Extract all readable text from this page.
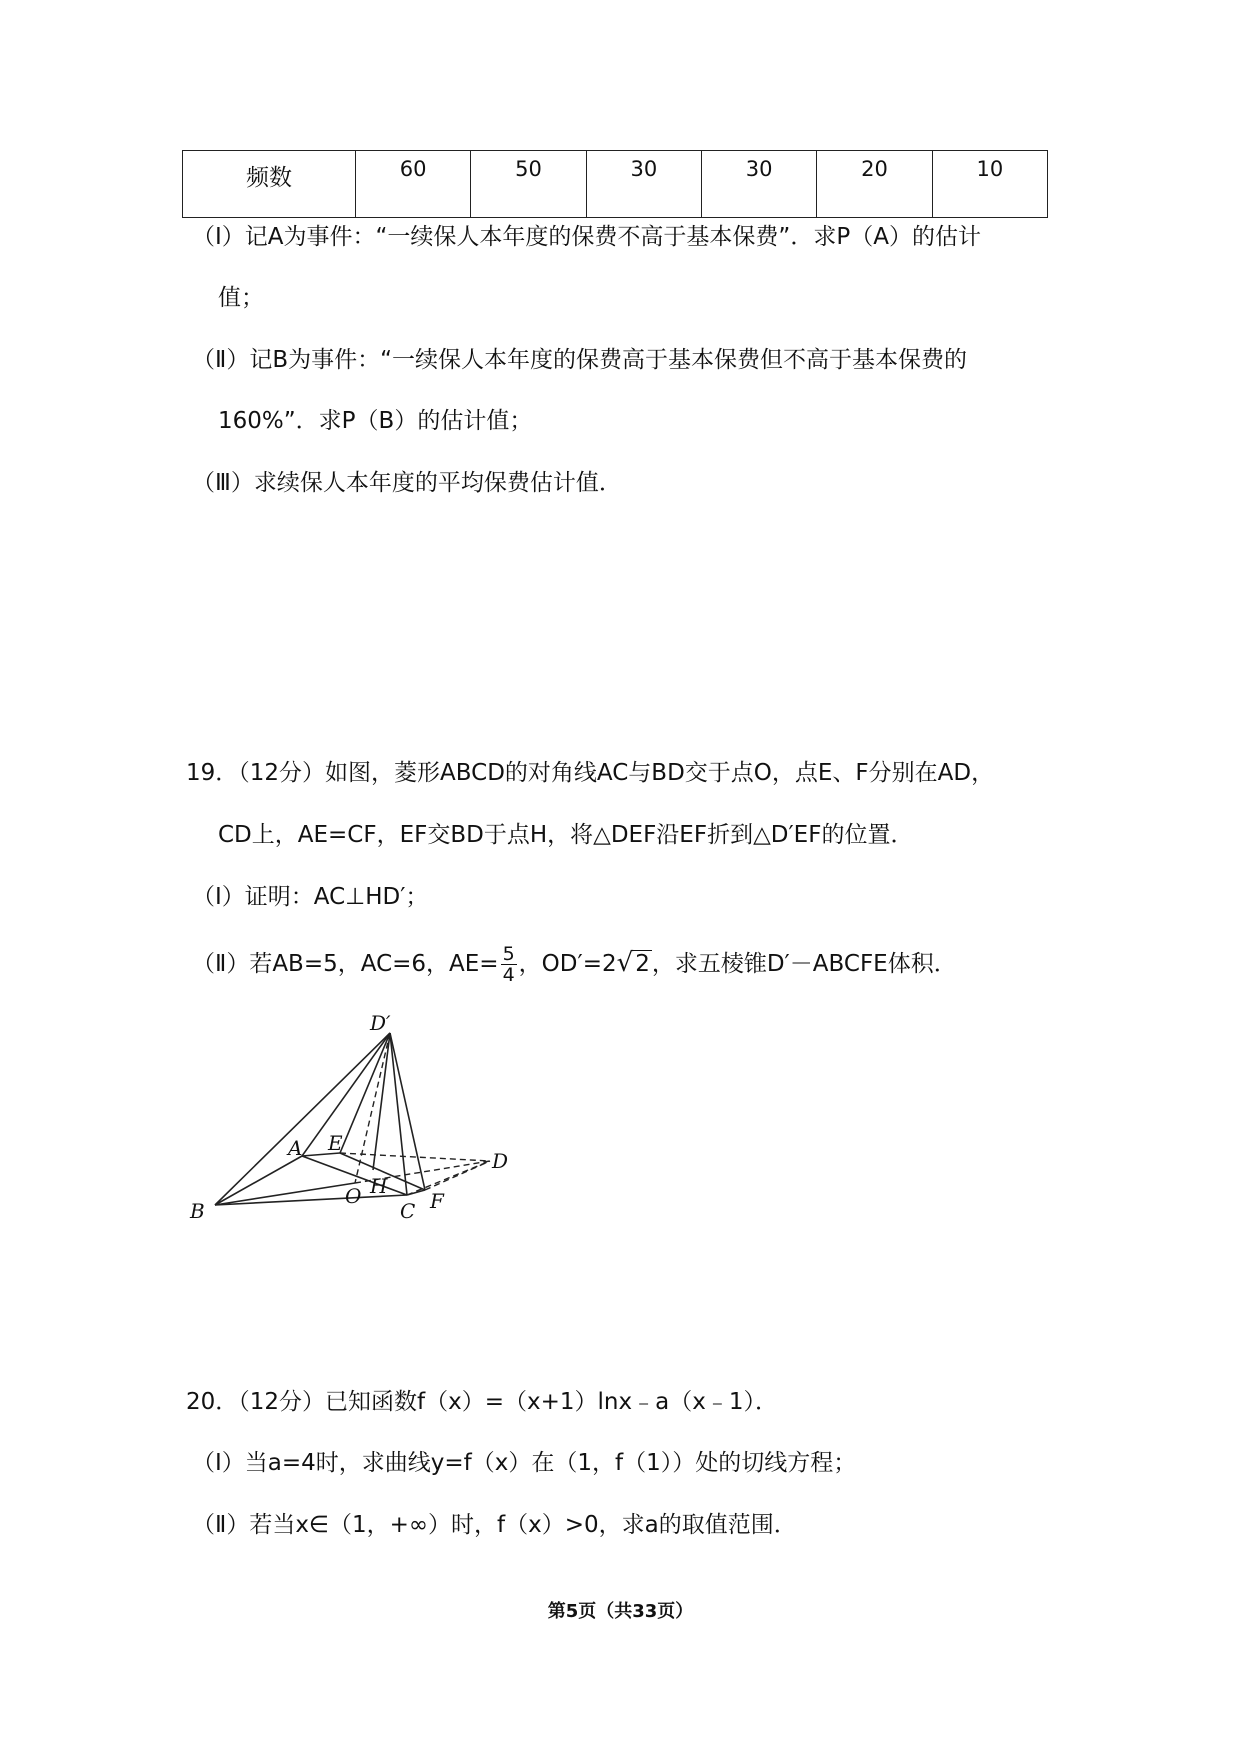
频数	60	50	30	30	20	10
（Ⅰ）记A为事件：“一续保人本年度的保费不高于基本保费”．求P（A）的估计
值；
（Ⅱ）记B为事件：“一续保人本年度的保费高于基本保费但不高于基本保费的
160%”．求P（B）的估计值；
（Ⅲ）求续保人本年度的平均保费估计值．
19．（12分）如图，菱形ABCD的对角线AC与BD交于点O，点E、F分别在AD，
CD上，AE=CF，EF交BD于点H，将△DEF沿EF折到△D′EF的位置．
（Ⅰ）证明：AC⊥HD′；
（Ⅱ）若AB=5，AC=6，$AE= \frac{5}{4}$ ，OD′=2√2，求五棱锥D′－ABCFE体积．
D′
A E
D
B
O H
C F
20．（12分）已知函数f（x）=（x+1）lnx﹣a（x﹣1）．
（Ⅰ）当a=4时，求曲线y=f（x）在（1，f（1））处的切线方程；
（Ⅱ）若当x∈（1，+∞）时，f（x）>0，求a的取值范围．
第5页（共33页）
